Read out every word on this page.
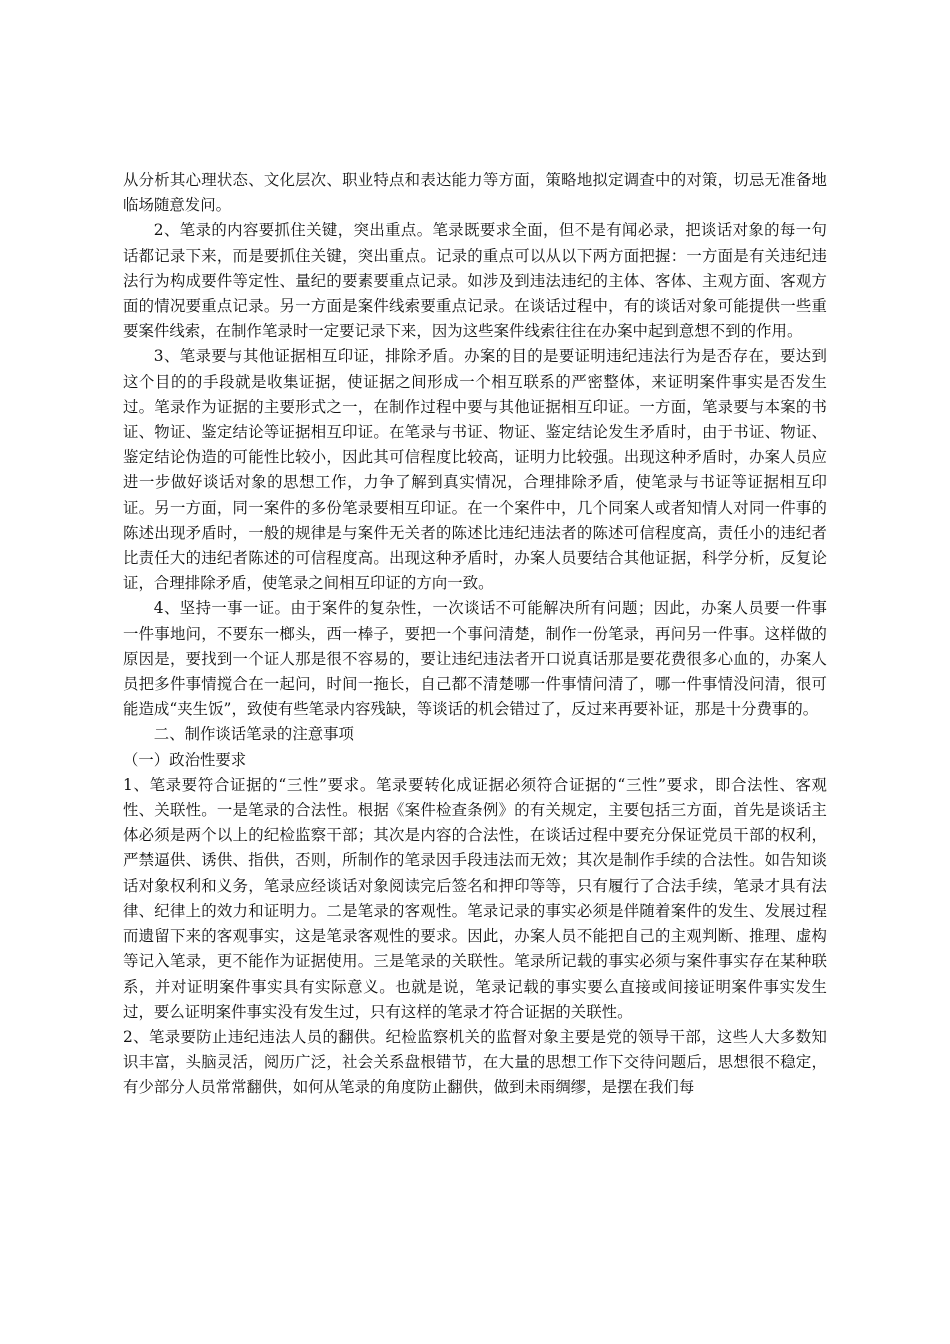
从分析其心理状态、文化层次、职业特点和表达能力等方面，策略地拟定调查中的对策，切忌无准备地临场随意发问。

2、笔录的内容要抓住关键，突出重点。笔录既要求全面，但不是有闻必录，把谈话对象的每一句话都记录下来，而是要抓住关键，突出重点。记录的重点可以从以下两方面把握：一方面是有关违纪违法行为构成要件等定性、量纪的要素要重点记录。如涉及到违法违纪的主体、客体、主观方面、客观方面的情况要重点记录。另一方面是案件线索要重点记录。在谈话过程中，有的谈话对象可能提供一些重要案件线索，在制作笔录时一定要记录下来，因为这些案件线索往往在办案中起到意想不到的作用。

3、笔录要与其他证据相互印证，排除矛盾。办案的目的是要证明违纪违法行为是否存在，要达到这个目的的手段就是收集证据，使证据之间形成一个相互联系的严密整体，来证明案件事实是否发生过。笔录作为证据的主要形式之一，在制作过程中要与其他证据相互印证。一方面，笔录要与本案的书证、物证、鉴定结论等证据相互印证。在笔录与书证、物证、鉴定结论发生矛盾时，由于书证、物证、鉴定结论伪造的可能性比较小，因此其可信程度比较高，证明力比较强。出现这种矛盾时，办案人员应进一步做好谈话对象的思想工作，力争了解到真实情况，合理排除矛盾，使笔录与书证等证据相互印证。另一方面，同一案件的多份笔录要相互印证。在一个案件中，几个同案人或者知情人对同一件事的陈述出现矛盾时，一般的规律是与案件无关者的陈述比违纪违法者的陈述可信程度高，责任小的违纪者比责任大的违纪者陈述的可信程度高。出现这种矛盾时，办案人员要结合其他证据，科学分析，反复论证，合理排除矛盾，使笔录之间相互印证的方向一致。

4、坚持一事一证。由于案件的复杂性，一次谈话不可能解决所有问题；因此，办案人员要一件事一件事地问，不要东一榔头，西一棒子，要把一个事问清楚，制作一份笔录，再问另一件事。这样做的原因是，要找到一个证人那是很不容易的，要让违纪违法者开口说真话那是要花费很多心血的，办案人员把多件事情搅合在一起问，时间一拖长，自己都不清楚哪一件事情问清了，哪一件事情没问清，很可能造成“夹生饭”，致使有些笔录内容残缺，等谈话的机会错过了，反过来再要补证，那是十分费事的。

二、制作谈话笔录的注意事项

（一）政治性要求

1、笔录要符合证据的“三性”要求。笔录要转化成证据必须符合证据的“三性”要求，即合法性、客观性、关联性。一是笔录的合法性。根据《案件检查条例》的有关规定，主要包括三方面，首先是谈话主体必须是两个以上的纪检监察干部；其次是内容的合法性，在谈话过程中要充分保证党员干部的权利，严禁逼供、诱供、指供，否则，所制作的笔录因手段违法而无效；其次是制作手续的合法性。如告知谈话对象权利和义务，笔录应经谈话对象阅读完后签名和押印等等，只有履行了合法手续，笔录才具有法律、纪律上的效力和证明力。二是笔录的客观性。笔录记录的事实必须是伴随着案件的发生、发展过程而遗留下来的客观事实，这是笔录客观性的要求。因此，办案人员不能把自己的主观判断、推理、虚构等记入笔录，更不能作为证据使用。三是笔录的关联性。笔录所记载的事实必须与案件事实存在某种联系，并对证明案件事实具有实际意义。也就是说，笔录记载的事实要么直接或间接证明案件事实发生过，要么证明案件事实没有发生过，只有这样的笔录才符合证据的关联性。

2、笔录要防止违纪违法人员的翻供。纪检监察机关的监督对象主要是党的领导干部，这些人大多数知识丰富，头脑灵活，阅历广泛，社会关系盘根错节，在大量的思想工作下交待问题后，思想很不稳定，有少部分人员常常翻供，如何从笔录的角度防止翻供，做到未雨绸缪，是摆在我们每
